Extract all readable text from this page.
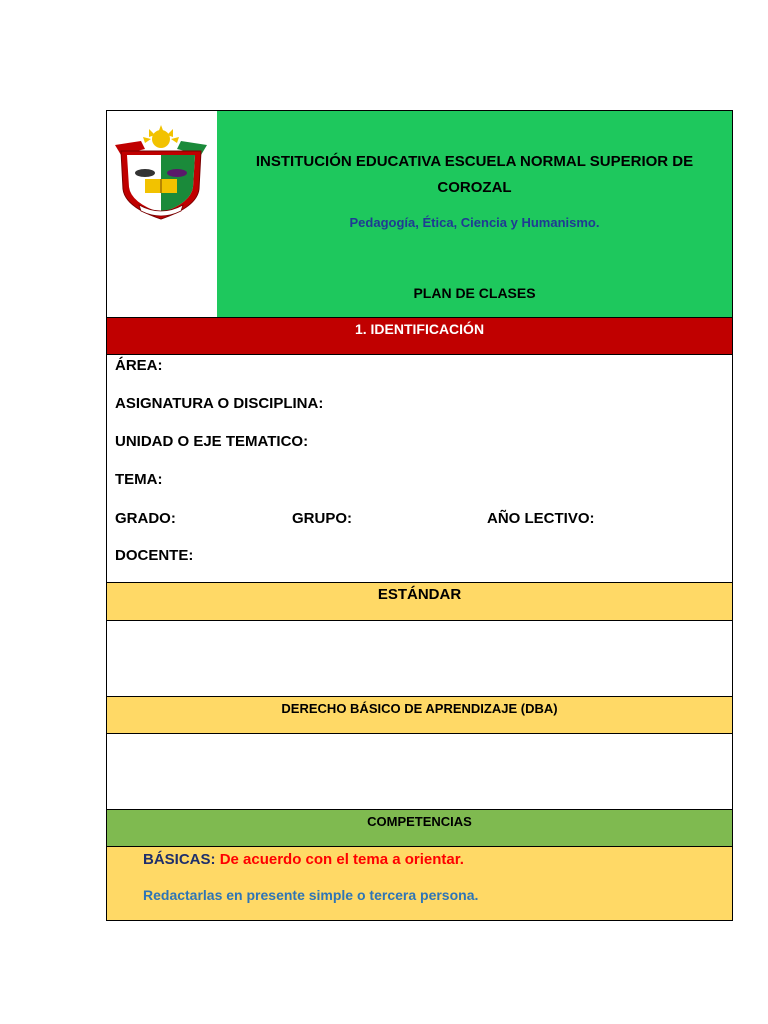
INSTITUCIÓN EDUCATIVA ESCUELA NORMAL SUPERIOR DE COROZAL
Pedagogía, Ética, Ciencia y Humanismo.
PLAN DE CLASES
1. IDENTIFICACIÓN
ÁREA:
ASIGNATURA O DISCIPLINA:
UNIDAD O EJE TEMATICO:
TEMA:
GRADO:	GRUPO:	AÑO LECTIVO:
DOCENTE:
ESTÁNDAR
DERECHO BÁSICO DE APRENDIZAJE (DBA)
COMPETENCIAS
BÁSICAS: De acuerdo con el tema a orientar.
Redactarlas en presente simple o tercera persona.
